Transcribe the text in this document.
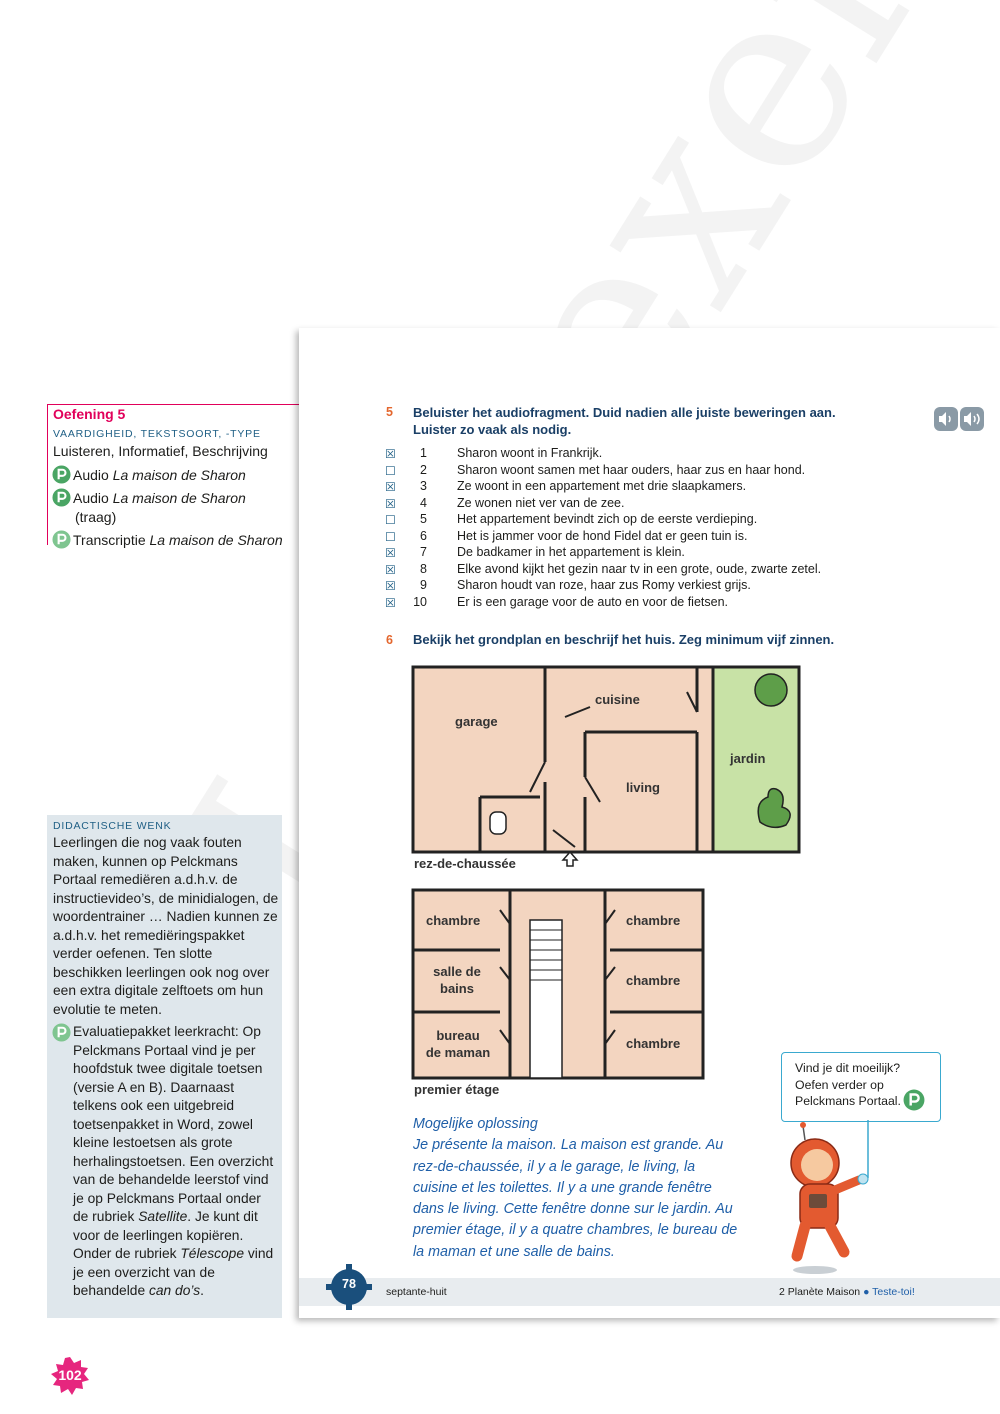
Oefening 5
VAARDIGHEID, TEKSTSOORT, -TYPE
Luisteren, Informatief, Beschrijving
Audio La maison de Sharon
Audio La maison de Sharon
(traag)
Transcriptie La maison de Sharon
DIDACTISCHE WENK
Leerlingen die nog vaak fouten maken, kunnen op Pelckmans Portaal remediëren a.d.h.v. de instructievideo’s, de minidialogen, de woordentrainer … Nadien kunnen ze a.d.h.v. het remediëringspakket verder oefenen. Ten slotte beschikken leerlingen ook nog over een extra digitale zelftoets om hun evolutie te meten.
Evaluatiepakket leerkracht: Op Pelckmans Portaal vind je per hoofdstuk twee digitale toetsen (versie A en B). Daarnaast telkens ook een uitgebreid toetsenpakket in Word, zowel kleine lestoetsen als grote herhalingstoetsen. Een overzicht van de behandelde leerstof vind je op Pelckmans Portaal onder de rubriek Satellite. Je kunt dit voor de leerlingen kopiëren. Onder de rubriek Télescope vind je een overzicht van de behandelde can do’s.
102
5 Beluister het audiofragment. Duid nadien alle juiste beweringen aan.
Luister zo vaak als nodig.
☒	1 Sharon woont in Frankrijk.
☐	2 Sharon woont samen met haar ouders, haar zus en haar hond.
☒	3 Ze woont in een appartement met drie slaapkamers.
☒	4 Ze wonen niet ver van de zee.
☐	5 Het appartement bevindt zich op de eerste verdieping.
☐	6 Het is jammer voor de hond Fidel dat er geen tuin is.
☒	7 De badkamer in het appartement is klein.
☒	8 Elke avond kijkt het gezin naar tv in een grote, oude, zwarte zetel.
☒	9 Sharon houdt van roze, haar zus Romy verkiest grijs.
☒	10 Er is een garage voor de auto en voor de fietsen.
6 Bekijk het grondplan en beschrijf het huis. Zeg minimum vijf zinnen.
garage
cuisine
jardin
living
rez-de-chaussée
chambre	chambre
chambre
chambre
salle de
bains
bureau
de maman
premier étage
Mogelijke oplossing
Je présente la maison. La maison est grande. Au rez-de-chaussée, il y a le garage, le living, la cuisine et les toilettes. Il y a une grande fenêtre dans le living. Cette fenêtre donne sur le jardin. Au premier étage, il y a quatre chambres, le bureau de la maman et une salle de bains.
Vind je dit moeilijk? Oefen verder op Pelckmans Portaal.
78
septante-huit	2 Planète Maison ● Teste-toi!
